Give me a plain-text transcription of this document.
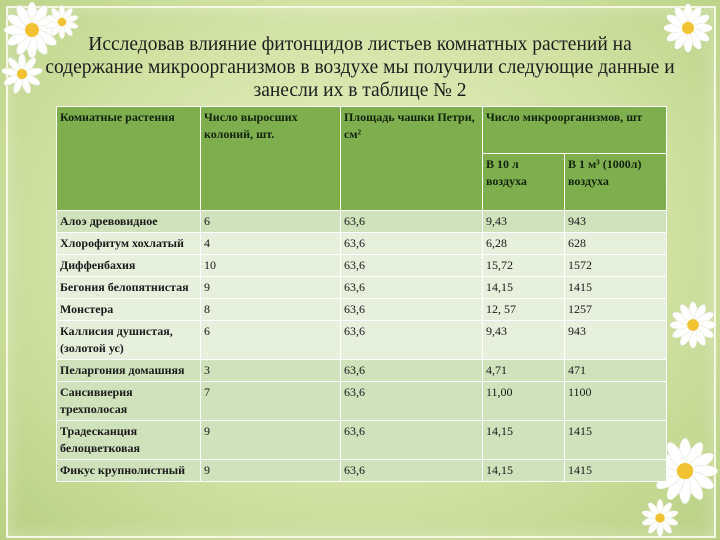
Исследовав влияние фитонцидов листьев комнатных растений на содержание микроорганизмов в воздухе мы получили следующие данные и занесли их в таблице № 2
Комнатные растения	Число выросших колоний, шт.	Площадь чашки Петри, см²	Число микроорганизмов, шт	
			В 10 л воздуха	В 1 м³ (1000л) воздуха
Алоэ древовидное	6	63,6	9,43	943
Хлорофитум хохлатый	4	63,6	6,28	628
Диффенбахия	10	63,6	15,72	1572
Бегония белопятнистая	9	63,6	14,15	1415
Монстера	8	63,6	12, 57	1257
Каллисия душистая, (золотой ус)	6	63,6	9,43	943
Пеларгония домашняя	3	63,6	4,71	471
Сансивиерия трехполосая	7	63,6	11,00	1100
Традесканция белоцветковая	9	63,6	14,15	1415
Фикус крупнолистный	9	63,6	14,15	1415
